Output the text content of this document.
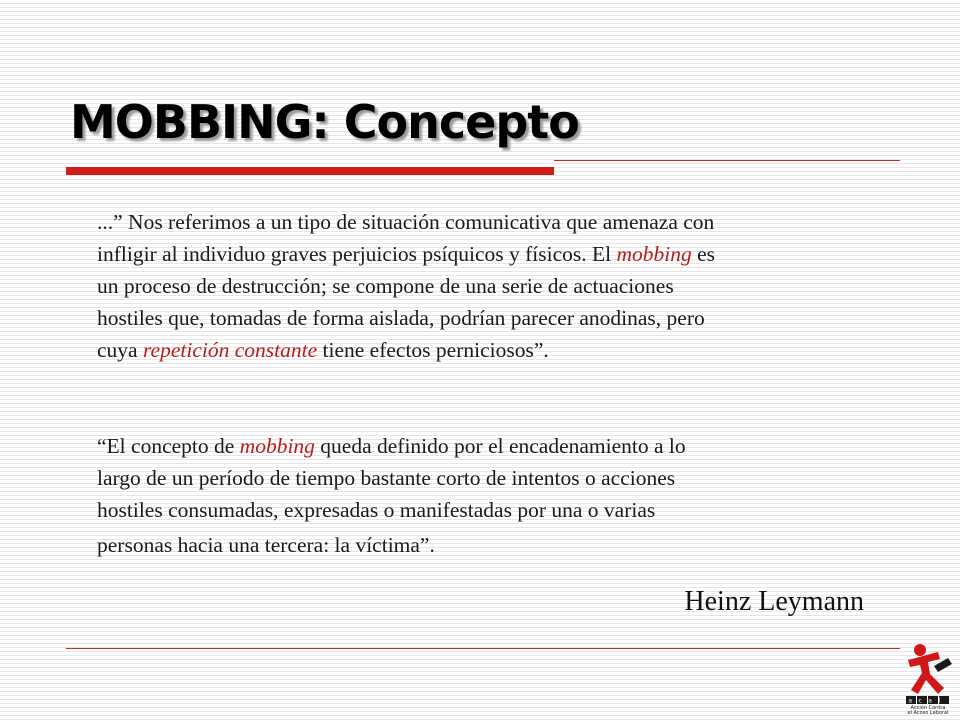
MOBBING: Concepto
...” Nos referimos a un tipo de situación comunicativa que amenaza con
infligir al individuo graves perjuicios psíquicos y físicos. El mobbing es
un proceso de destrucción; se compone de una serie de actuaciones
hostiles que, tomadas de forma aislada, podrían parecer anodinas, pero
cuya repetición constante tiene efectos perniciosos”.
“El concepto de mobbing queda definido por el encadenamiento a lo
largo de un período de tiempo bastante corto de intentos o acciones
hostiles consumadas, expresadas o manifestadas por una o varias
personas hacia una tercera: la víctima”.

Heinz Leymann

acal
Acción Contra
el Acoso Laboral
